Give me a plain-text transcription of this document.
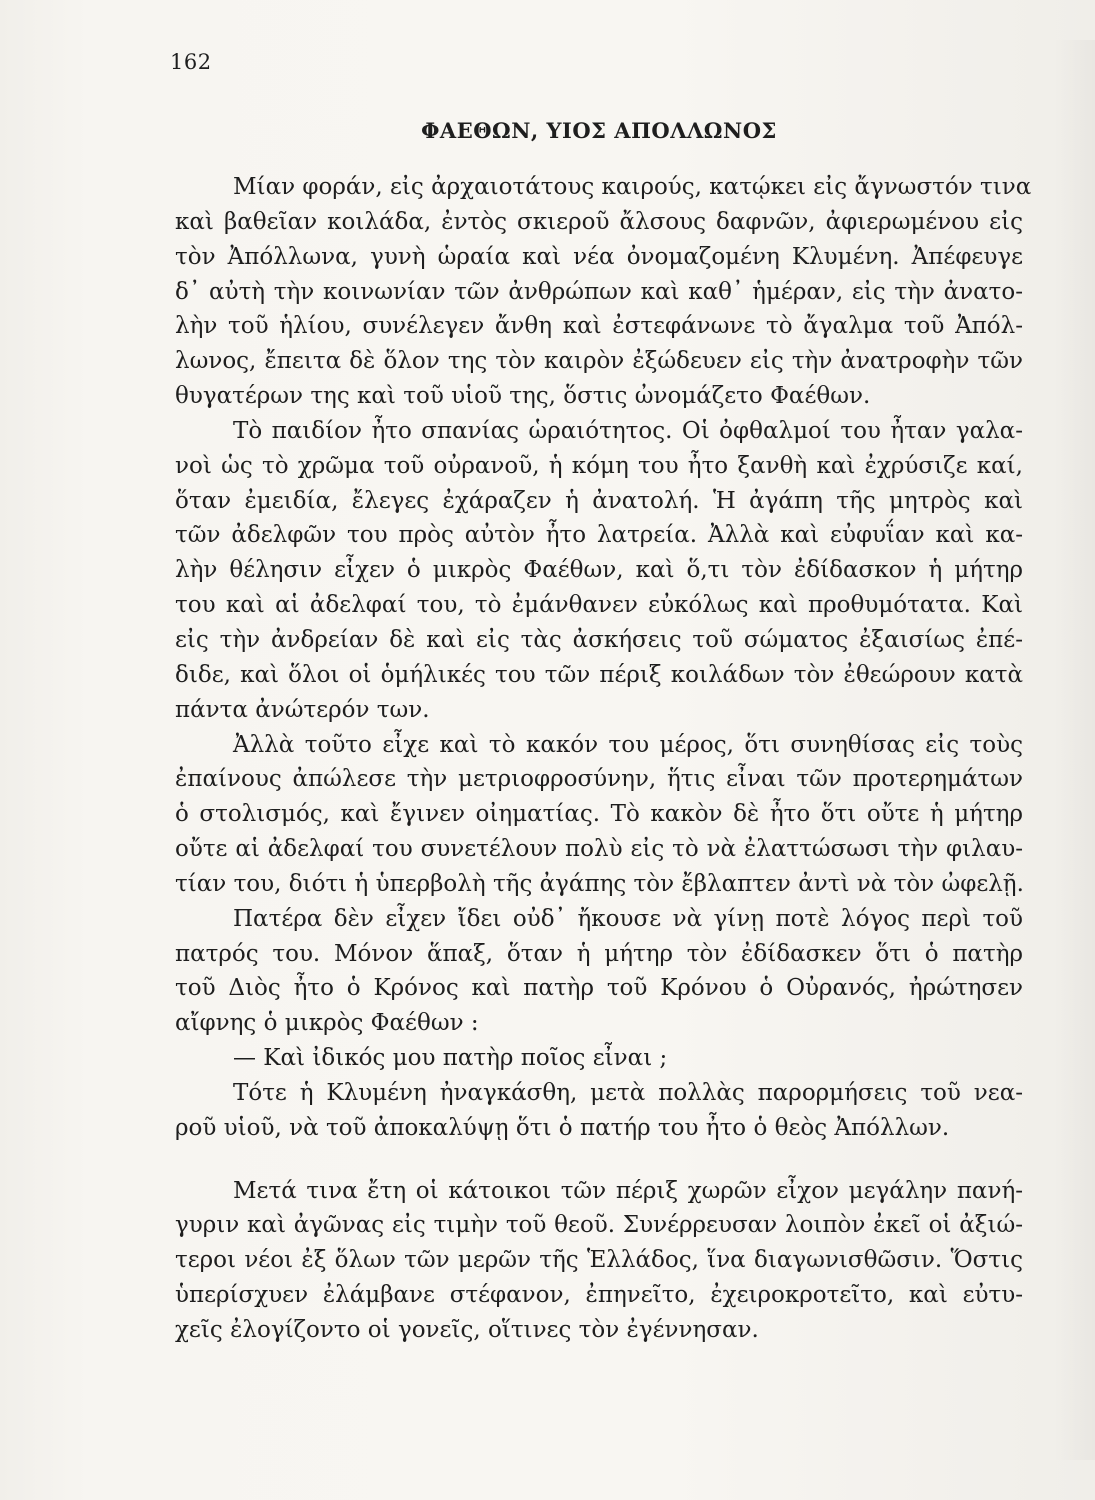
162
ΦΑΕΘΩΝ, ΥΙΟΣ ΑΠΟΛΛΩΝΟΣ
Μίαν φοράν, εἰς ἀρχαιοτάτους καιρούς, κατῴκει εἰς ἄγνωστόν τινα
καὶ βαθεῖαν κοιλάδα, ἐντὸς σκιεροῦ ἄλσους δαφνῶν, ἀφιερωμένου εἰς
τὸν Ἀπόλλωνα, γυνὴ ὡραία καὶ νέα ὀνομαζομένη Κλυμένη. Ἀπέφευγε
δ᾿ αὐτὴ τὴν κοινωνίαν τῶν ἀνθρώπων καὶ καθ᾿ ἡμέραν, εἰς τὴν ἀνατο-
λὴν τοῦ ἡλίου, συνέλεγεν ἄνθη καὶ ἐστεφάνωνε τὸ ἄγαλμα τοῦ Ἀπόλ-
λωνος, ἔπειτα δὲ ὅλον της τὸν καιρὸν ἐξώδευεν εἰς τὴν ἀνατροφὴν τῶν
θυγατέρων της καὶ τοῦ υἱοῦ της, ὅστις ὠνομάζετο Φαέθων.
Τὸ παιδίον ἦτο σπανίας ὡραιότητος. Οἱ ὀφθαλμοί του ἦταν γαλα-
νοὶ ὡς τὸ χρῶμα τοῦ οὐρανοῦ, ἡ κόμη του ἦτο ξανθὴ καὶ ἐχρύσιζε καί,
ὅταν ἐμειδία, ἔλεγες ἐχάραζεν ἡ ἀνατολή. Ἡ ἀγάπη τῆς μητρὸς καὶ
τῶν ἀδελφῶν του πρὸς αὐτὸν ἦτο λατρεία. Ἀλλὰ καὶ εὐφυΐαν καὶ κα-
λὴν θέλησιν εἶχεν ὁ μικρὸς Φαέθων, καὶ ὅ,τι τὸν ἐδίδασκον ἡ μήτηρ
του καὶ αἱ ἀδελφαί του, τὸ ἐμάνθανεν εὐκόλως καὶ προθυμότατα. Καὶ
εἰς τὴν ἀνδρείαν δὲ καὶ εἰς τὰς ἀσκήσεις τοῦ σώματος ἐξαισίως ἐπέ-
διδε, καὶ ὅλοι οἱ ὁμήλικές του τῶν πέριξ κοιλάδων τὸν ἐθεώρουν κατὰ
πάντα ἀνώτερόν των.
Ἀλλὰ τοῦτο εἶχε καὶ τὸ κακόν του μέρος, ὅτι συνηθίσας εἰς τοὺς
ἐπαίνους ἀπώλεσε τὴν μετριοφροσύνην, ἥτις εἶναι τῶν προτερημάτων
ὁ στολισμός, καὶ ἔγινεν οἰηματίας. Τὸ κακὸν δὲ ἦτο ὅτι οὔτε ἡ μήτηρ
οὔτε αἱ ἀδελφαί του συνετέλουν πολὺ εἰς τὸ νὰ ἐλαττώσωσι τὴν φιλαυ-
τίαν του, διότι ἡ ὑπερβολὴ τῆς ἀγάπης τὸν ἔβλαπτεν ἀντὶ νὰ τὸν ὠφελῇ.
Πατέρα δὲν εἶχεν ἴδει οὐδ᾿ ἤκουσε νὰ γίνῃ ποτὲ λόγος περὶ τοῦ
πατρός του. Μόνον ἅπαξ, ὅταν ἡ μήτηρ τὸν ἐδίδασκεν ὅτι ὁ πατὴρ
τοῦ Διὸς ἦτο ὁ Κρόνος καὶ πατὴρ τοῦ Κρόνου ὁ Οὐρανός, ἠρώτησεν
αἴφνης ὁ μικρὸς Φαέθων :
— Καὶ ἰδικός μου πατὴρ ποῖος εἶναι ;
Τότε ἡ Κλυμένη ἠναγκάσθη, μετὰ πολλὰς παρορμήσεις τοῦ νεα-
ροῦ υἱοῦ, νὰ τοῦ ἀποκαλύψῃ ὅτι ὁ πατήρ του ἦτο ὁ θεὸς Ἀπόλλων.
Μετά τινα ἔτη οἱ κάτοικοι τῶν πέριξ χωρῶν εἶχον μεγάλην πανή-
γυριν καὶ ἀγῶνας εἰς τιμὴν τοῦ θεοῦ. Συνέρρευσαν λοιπὸν ἐκεῖ οἱ ἀξιώ-
τεροι νέοι ἐξ ὅλων τῶν μερῶν τῆς Ἑλλάδος, ἵνα διαγωνισθῶσιν. Ὅστις
ὑπερίσχυεν ἐλάμβανε στέφανον, ἐπηνεῖτο, ἐχειροκροτεῖτο, καὶ εὐτυ-
χεῖς ἐλογίζοντο οἱ γονεῖς, οἵτινες τὸν ἐγέννησαν.
